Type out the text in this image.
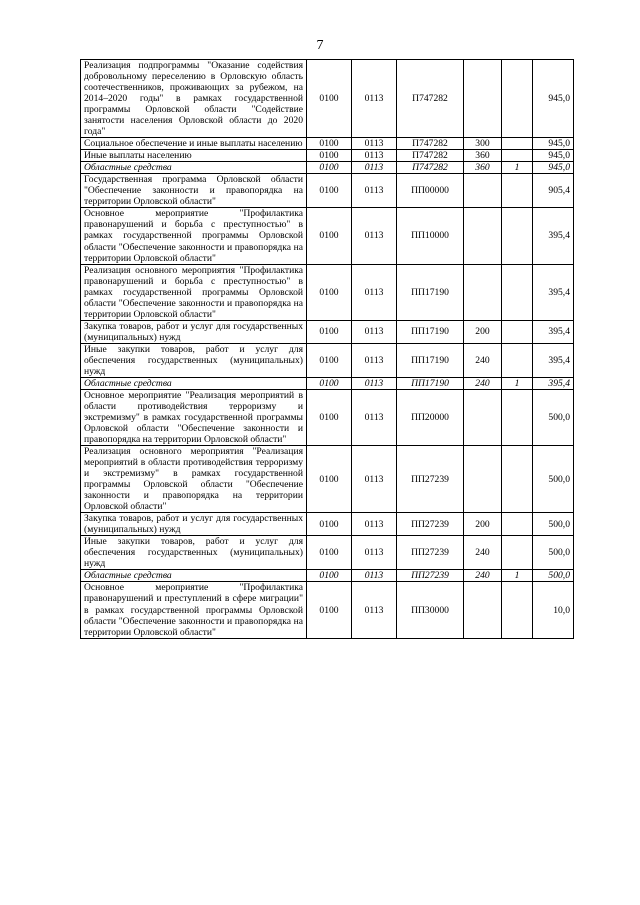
7
Реализация подпрограммы "Оказание содействия добровольному переселению в Орловскую область соотечественников, проживающих за рубежом, на 2014–2020 годы" в рамках государственной программы Орловской области "Содействие занятости населения Орловской области до 2020 года"	0100	0113	П747282			945,0
Социальное обеспечение и иные выплаты населению	0100	0113	П747282	300		945,0
Иные выплаты населению	0100	0113	П747282	360		945,0
Областные средства	0100	0113	П747282	360	1	945,0
Государственная программа Орловской области "Обеспечение законности и правопорядка на территории Орловской области"	0100	0113	ПП00000			905,4
Основное мероприятие "Профилактика правонарушений и борьба с преступностью" в рамках государственной программы Орловской области "Обеспечение законности и правопорядка на территории Орловской области"	0100	0113	ПП10000			395,4
Реализация основного мероприятия "Профилактика правонарушений и борьба с преступностью" в рамках государственной программы Орловской области "Обеспечение законности и правопорядка на территории Орловской области"	0100	0113	ПП17190			395,4
Закупка товаров, работ и услуг для государственных (муниципальных) нужд	0100	0113	ПП17190	200		395,4
Иные закупки товаров, работ и услуг для обеспечения государственных (муниципальных) нужд	0100	0113	ПП17190	240		395,4
Областные средства	0100	0113	ПП17190	240	1	395,4
Основное мероприятие "Реализация мероприятий в области противодействия терроризму и экстремизму" в рамках государственной программы Орловской области "Обеспечение законности и правопорядка на территории Орловской области"	0100	0113	ПП20000			500,0
Реализация основного мероприятия "Реализация мероприятий в области противодействия терроризму и экстремизму" в рамках государственной программы Орловской области "Обеспечение законности и правопорядка на территории Орловской области"	0100	0113	ПП27239			500,0
Закупка товаров, работ и услуг для государственных (муниципальных) нужд	0100	0113	ПП27239	200		500,0
Иные закупки товаров, работ и услуг для обеспечения государственных (муниципальных) нужд	0100	0113	ПП27239	240		500,0
Областные средства	0100	0113	ПП27239	240	1	500,0
Основное мероприятие "Профилактика правонарушений и преступлений в сфере миграции" в рамках государственной программы Орловской области "Обеспечение законности и правопорядка на территории Орловской области"	0100	0113	ПП30000			10,0
